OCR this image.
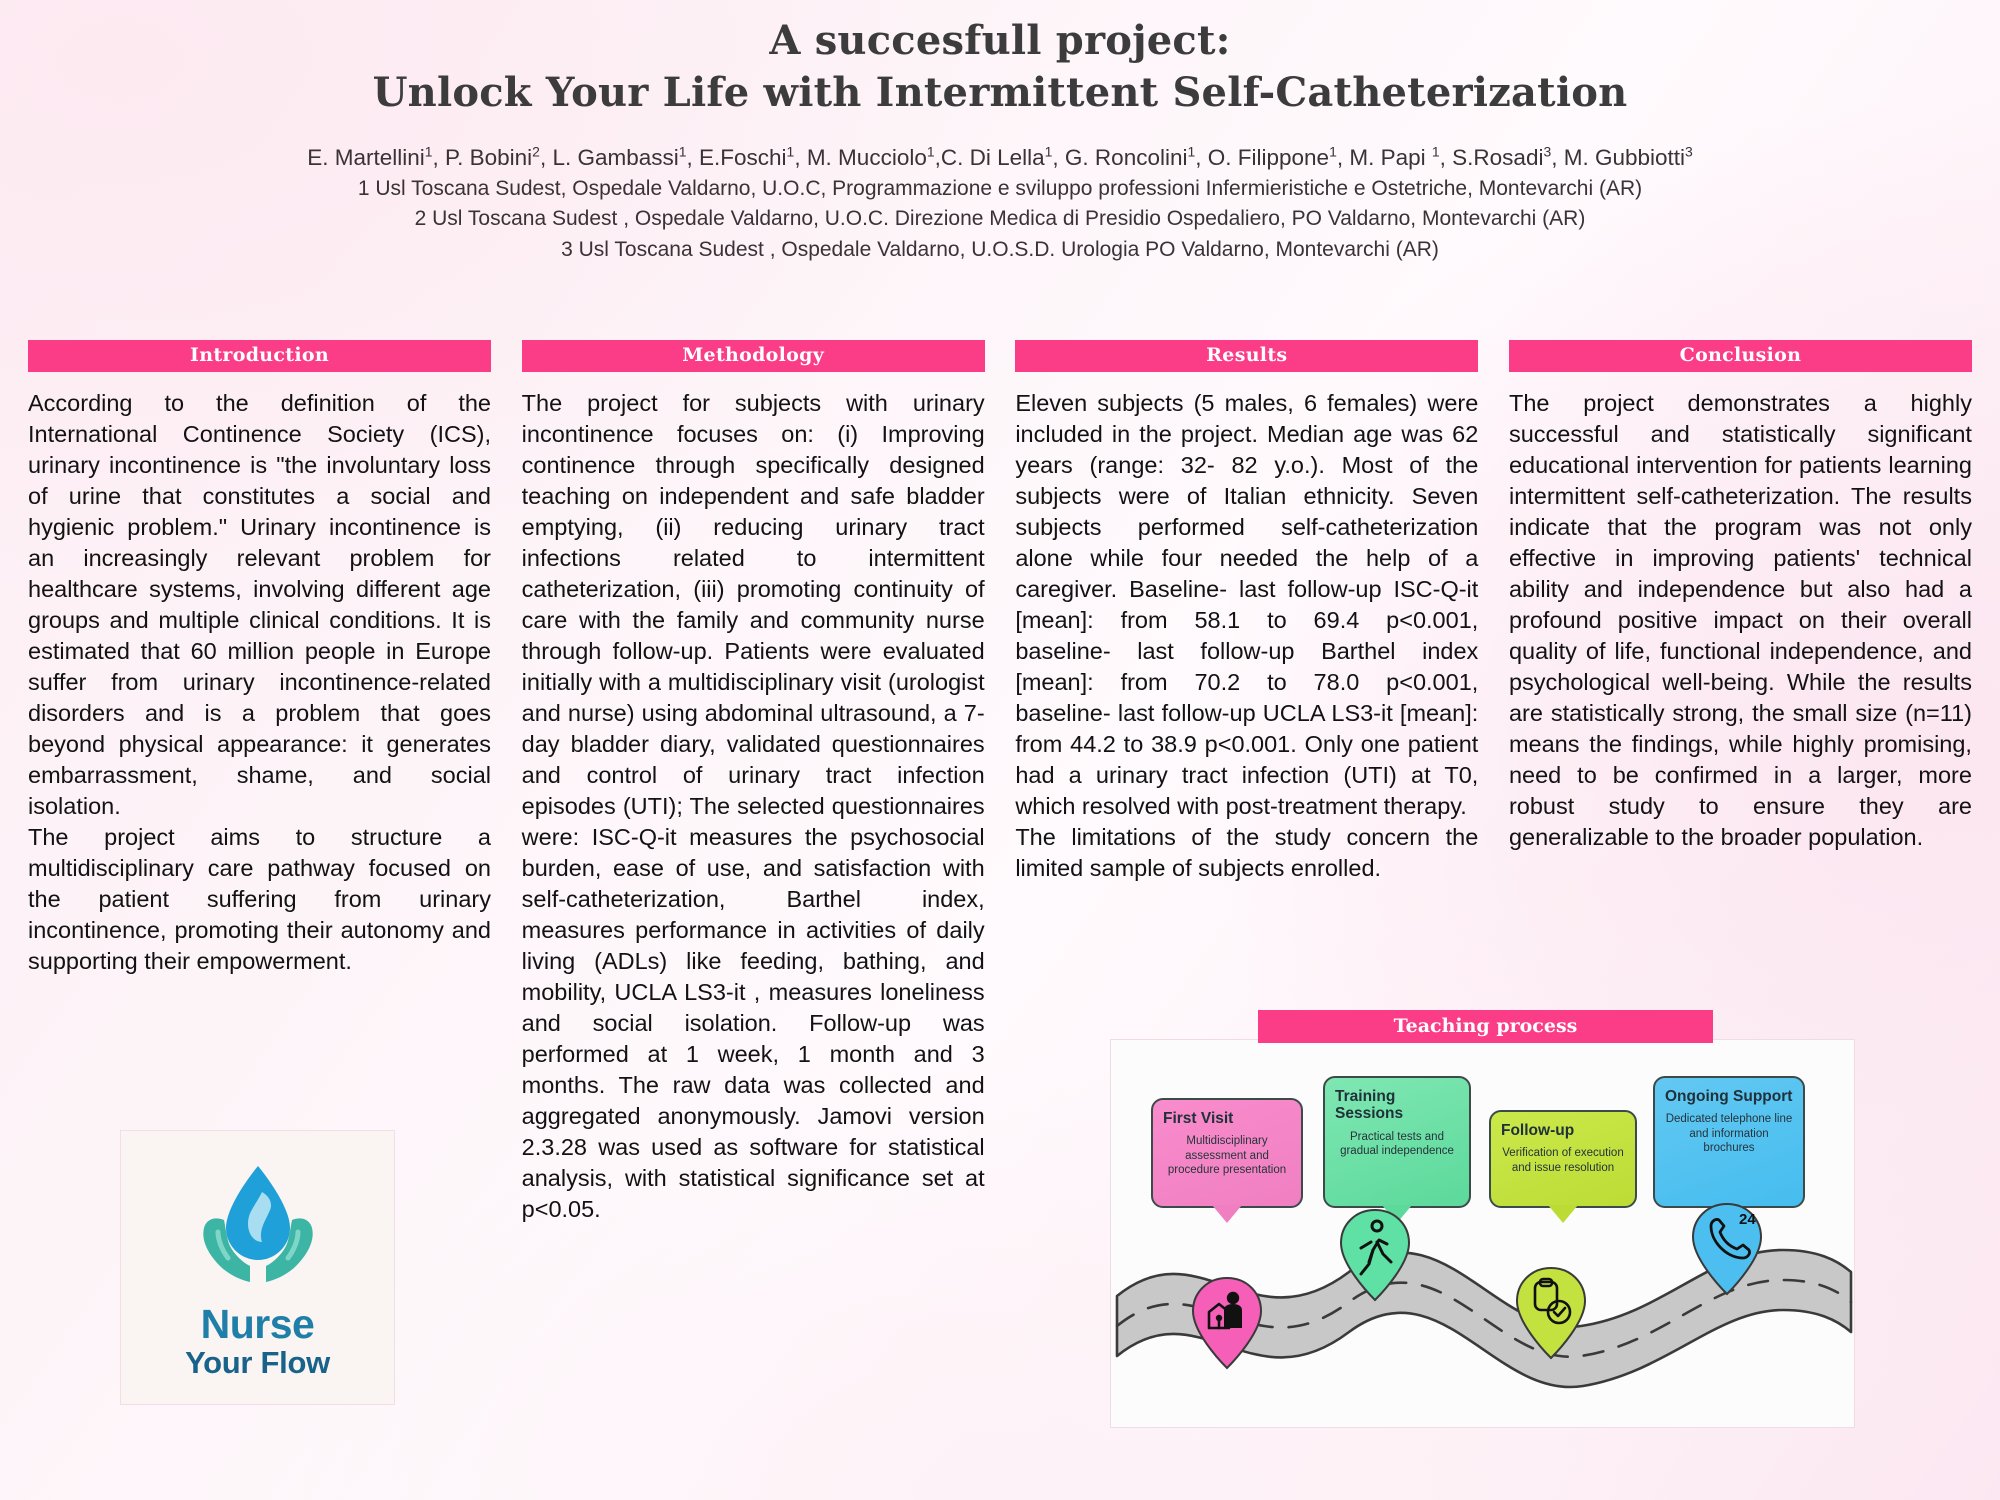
A succesfull project:
Unlock Your Life with Intermittent Self-Catheterization
E. Martellini$^1$, P. Bobini$^2$, L. Gambassi$^1$, E.Foschi$^1$, M. Mucciolo$^1$,C. Di Lella$^1$, G. Roncolini$^1$, O. Filippone$^1$, M. Papi $^1$, S.Rosadi$^3$, M. Gubbiotti$^3$
1 Usl Toscana Sudest, Ospedale Valdarno, U.O.C, Programmazione e sviluppo professioni Infermieristiche e Ostetriche, Montevarchi (AR)
2 Usl Toscana Sudest , Ospedale Valdarno, U.O.C. Direzione Medica di Presidio Ospedaliero, PO Valdarno, Montevarchi (AR)
3 Usl Toscana Sudest , Ospedale Valdarno, U.O.S.D. Urologia PO Valdarno, Montevarchi (AR)
Introduction

According to the definition of the International Continence Society (ICS), urinary incontinence is "the involuntary loss of urine that constitutes a social and hygienic problem." Urinary incontinence is an increasingly relevant problem for healthcare systems, involving different age groups and multiple clinical conditions. It is estimated that 60 million people in Europe suffer from urinary incontinence-related disorders and is a problem that goes beyond physical appearance: it generates embarrassment, shame, and social isolation.

The project aims to structure a multidisciplinary care pathway focused on the patient suffering from urinary incontinence, promoting their autonomy and supporting their empowerment.

Methodology

The project for subjects with urinary incontinence focuses on: (i) Improving continence through specifically designed teaching on independent and safe bladder emptying, (ii) reducing urinary tract infections related to intermittent catheterization, (iii) promoting continuity of care with the family and community nurse through follow-up. Patients were evaluated initially with a multidisciplinary visit (urologist and nurse) using abdominal ultrasound, a 7-day bladder diary, validated questionnaires and control of urinary tract infection episodes (UTI); The selected questionnaires were: ISC-Q-it measures the psychosocial burden, ease of use, and satisfaction with self-catheterization, Barthel index, measures performance in activities of daily living (ADLs) like feeding, bathing, and mobility, UCLA LS3-it , measures loneliness and social isolation. Follow-up was performed at 1 week, 1 month and 3 months. The raw data was collected and aggregated anonymously. Jamovi version 2.3.28 was used as software for statistical analysis, with statistical significance set at p<0.05.

Results

Eleven subjects (5 males, 6 females) were included in the project. Median age was 62 years (range: 32- 82 y.o.). Most of the subjects were of Italian ethnicity. Seven subjects performed self-catheterization alone while four needed the help of a caregiver. Baseline- last follow-up ISC-Q-it [mean]: from 58.1 to 69.4 p<0.001, baseline- last follow-up Barthel index [mean]: from 70.2 to 78.0 p<0.001, baseline- last follow-up UCLA LS3-it [mean]: from 44.2 to 38.9 p<0.001. Only one patient had a urinary tract infection (UTI) at T0, which resolved with post-treatment therapy.

The limitations of the study concern the limited sample of subjects enrolled.

Conclusion

The project demonstrates a highly successful and statistically significant educational intervention for patients learning intermittent self-catheterization. The results indicate that the program was not only effective in improving patients' technical ability and independence but also had a profound positive impact on their overall quality of life, functional independence, and psychological well-being. While the results are statistically strong, the small size (n=11) means the findings, while highly promising, need to be confirmed in a larger, more robust study to ensure they are generalizable to the broader population.

Nurse
Your Flow
Teaching process
First Visit
Multidisciplinary assessment and procedure presentation
Training Sessions
Practical tests and gradual independence
Follow-up
Verification of execution and issue resolution
Ongoing Support
Dedicated telephone line and information brochures
24
